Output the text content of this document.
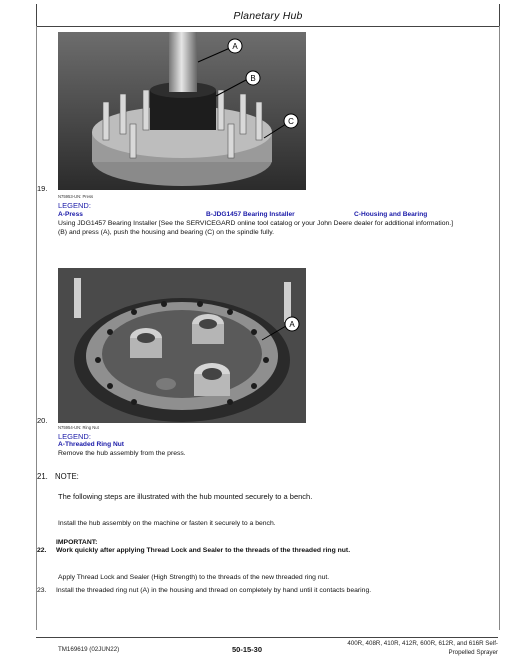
Planetary Hub
A
B
C
19.
N75953-UN: Press
LEGEND:
A-Press	B-JDG1457 Bearing Installer	C-Housing and Bearing
Using JDG1457 Bearing Installer [See the SERVICEGARD online tool catalog or your John Deere dealer for additional information.]
(B) and press (A), push the housing and bearing (C) on the spindle fully.
A
20.
N75954-UN: Ring Nut
LEGEND:
A-Threaded Ring Nut
Remove the hub assembly from the press.
21. NOTE:
The following steps are illustrated with the hub mounted securely to a bench.
Install the hub assembly on the machine or fasten it securely to a bench.
IMPORTANT:
22. Work quickly after applying Thread Lock and Sealer to the threads of the threaded ring nut.
Apply Thread Lock and Sealer (High Strength) to the threads of the new threaded ring nut.
23. Install the threaded ring nut (A) in the housing and thread on completely by hand until it contacts bearing.
TM169619 (02JUN22)	50-15-30
400R, 408R, 410R, 412R, 600R, 612R, and 616R Self-
Propelled Sprayer
